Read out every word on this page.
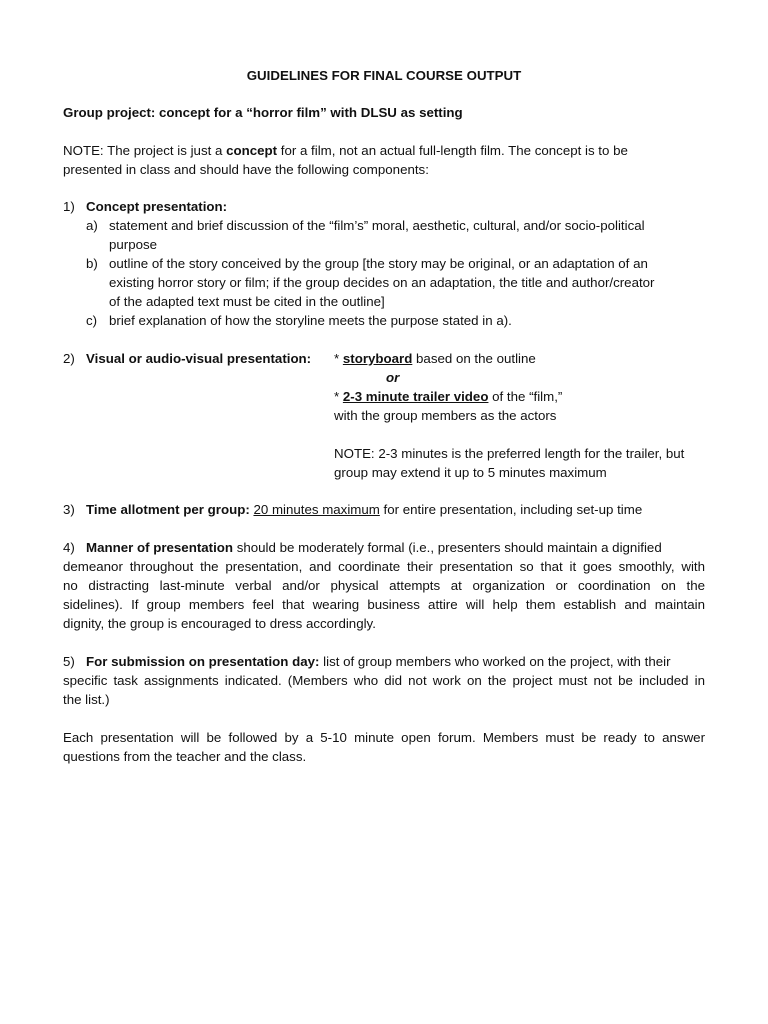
GUIDELINES FOR FINAL COURSE OUTPUT
Group project: concept for a “horror film” with DLSU as setting
NOTE: The project is just a concept for a film, not an actual full-length film. The concept is to be
presented in class and should have the following components:
1) Concept presentation:
a) statement and brief discussion of the “film’s” moral, aesthetic, cultural, and/or socio-political
purpose
b) outline of the story conceived by the group [the story may be original, or an adaptation of an
existing horror story or film; if the group decides on an adaptation, the title and author/creator
of the adapted text must be cited in the outline]
c) brief explanation of how the storyline meets the purpose stated in a).
2) Visual or audio-visual presentation: * storyboard based on the outline
or
* 2-3 minute trailer video of the “film,”
with the group members as the actors
NOTE: 2-3 minutes is the preferred length for the trailer, but
group may extend it up to 5 minutes maximum
3) Time allotment per group: 20 minutes maximum for entire presentation, including set-up time
4) Manner of presentation should be moderately formal (i.e., presenters should maintain a dignified
demeanor throughout the presentation, and coordinate their presentation so that it goes smoothly, with
no distracting last-minute verbal and/or physical attempts at organization or coordination on the
sidelines). If group members feel that wearing business attire will help them establish and maintain
dignity, the group is encouraged to dress accordingly.
5) For submission on presentation day: list of group members who worked on the project, with their
specific task assignments indicated. (Members who did not work on the project must not be included in
the list.)
Each presentation will be followed by a 5-10 minute open forum. Members must be ready to answer
questions from the teacher and the class.
